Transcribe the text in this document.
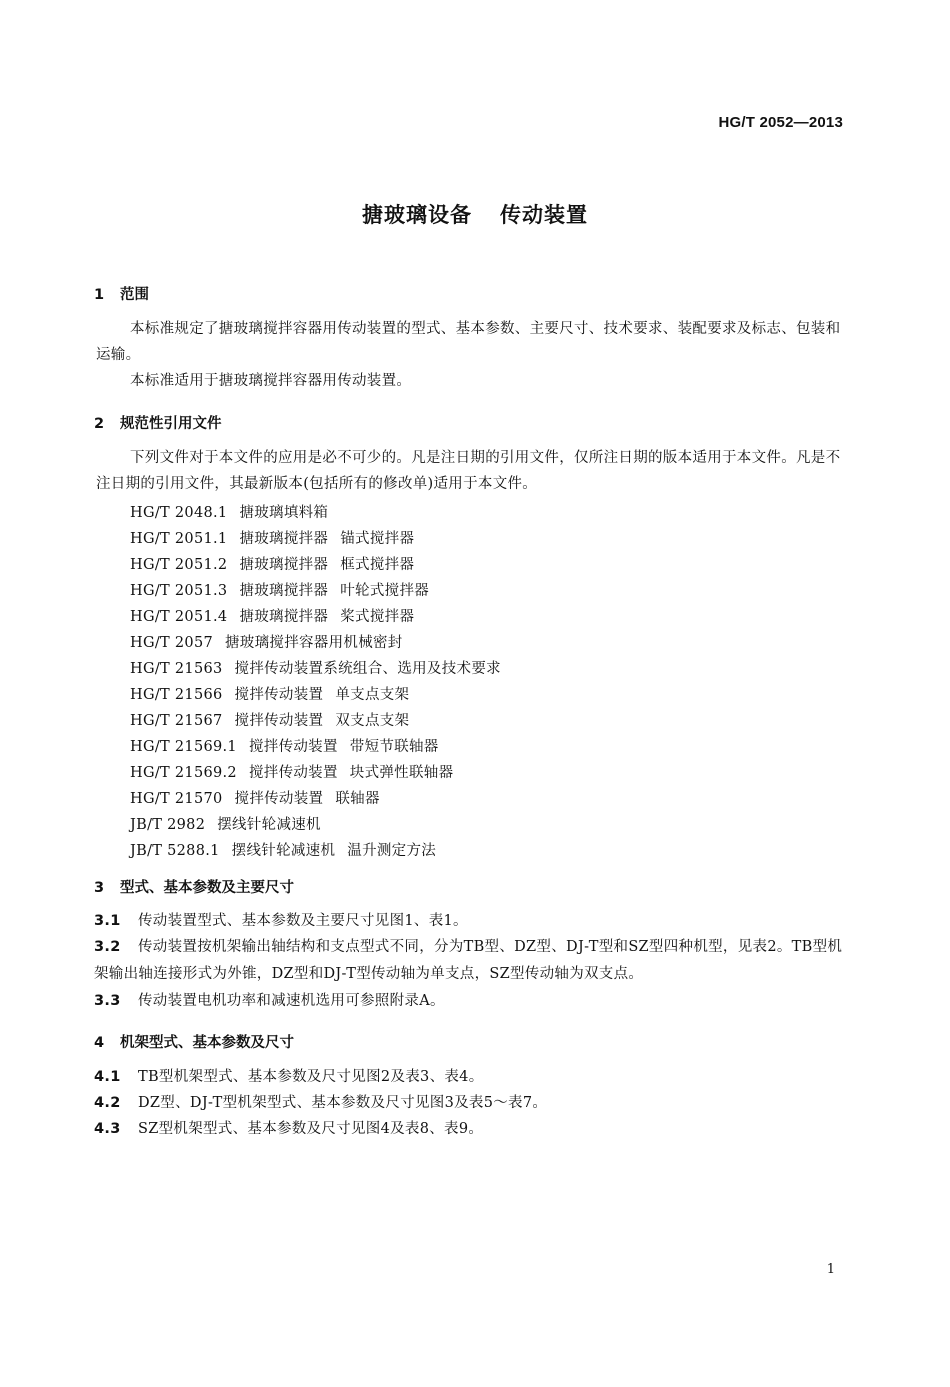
HG/T 2052—2013
搪玻璃设备 传动装置
1 范围
本标准规定了搪玻璃搅拌容器用传动装置的型式、基本参数、主要尺寸、技术要求、装配要求及标志、包装和运输。
本标准适用于搪玻璃搅拌容器用传动装置。
2 规范性引用文件
下列文件对于本文件的应用是必不可少的。凡是注日期的引用文件，仅所注日期的版本适用于本文件。凡是不注日期的引用文件，其最新版本(包括所有的修改单)适用于本文件。
HG/T 2048.1 搪玻璃填料箱
HG/T 2051.1 搪玻璃搅拌器 锚式搅拌器
HG/T 2051.2 搪玻璃搅拌器 框式搅拌器
HG/T 2051.3 搪玻璃搅拌器 叶轮式搅拌器
HG/T 2051.4 搪玻璃搅拌器 桨式搅拌器
HG/T 2057 搪玻璃搅拌容器用机械密封
HG/T 21563 搅拌传动装置系统组合、选用及技术要求
HG/T 21566 搅拌传动装置 单支点支架
HG/T 21567 搅拌传动装置 双支点支架
HG/T 21569.1 搅拌传动装置 带短节联轴器
HG/T 21569.2 搅拌传动装置 块式弹性联轴器
HG/T 21570 搅拌传动装置 联轴器
JB/T 2982 摆线针轮减速机
JB/T 5288.1 摆线针轮减速机 温升测定方法
3 型式、基本参数及主要尺寸
3.1 传动装置型式、基本参数及主要尺寸见图1、表1。
3.2 传动装置按机架输出轴结构和支点型式不同，分为TB型、DZ型、DJ-T型和SZ型四种机型，见表2。TB型机架输出轴连接形式为外锥，DZ型和DJ-T型传动轴为单支点，SZ型传动轴为双支点。
3.3 传动装置电机功率和减速机选用可参照附录A。
4 机架型式、基本参数及尺寸
4.1 TB型机架型式、基本参数及尺寸见图2及表3、表4。
4.2 DZ型、DJ-T型机架型式、基本参数及尺寸见图3及表5～表7。
4.3 SZ型机架型式、基本参数及尺寸见图4及表8、表9。
1
